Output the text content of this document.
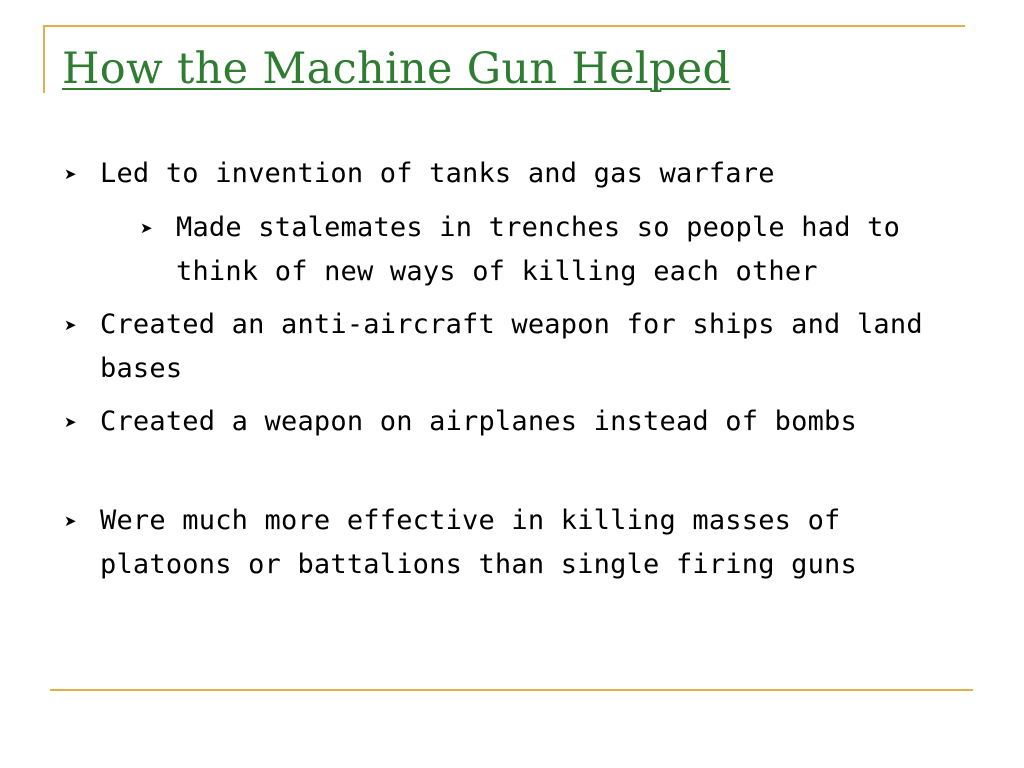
How the Machine Gun Helped
➤ Led to invention of tanks and gas warfare
➤ Made stalemates in trenches so people had to think of new ways of killing each other
➤ Created an anti-aircraft weapon for ships and land bases
➤ Created a weapon on airplanes instead of bombs
➤ Were much more effective in killing masses of platoons or battalions than single firing guns
